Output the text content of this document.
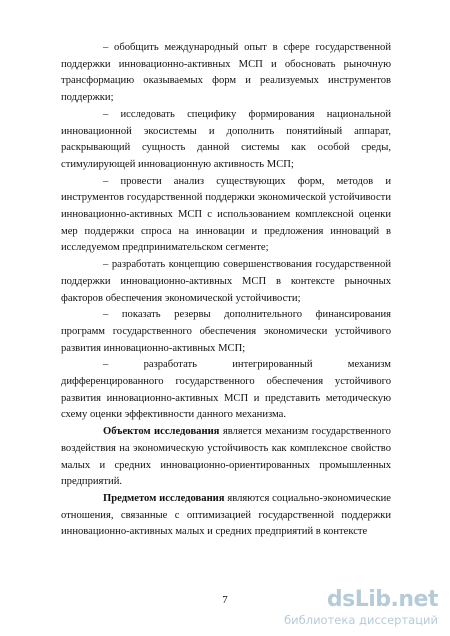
– обобщить международный опыт в сфере государственной поддержки инновационно-активных МСП и обосновать рыночную трансформацию оказываемых форм и реализуемых инструментов поддержки;

– исследовать специфику формирования национальной инновационной экосистемы и дополнить понятийный аппарат, раскрывающий сущность данной системы как особой среды, стимулирующей инновационную активность МСП;

– провести анализ существующих форм, методов и инструментов государственной поддержки экономической устойчивости инновационно-активных МСП с использованием комплексной оценки мер поддержки спроса на инновации и предложения инноваций в исследуемом предпринимательском сегменте;

– разработать концепцию совершенствования государственной поддержки инновационно-активных МСП в контексте рыночных факторов обеспечения экономической устойчивости;

– показать резервы дополнительного финансирования программ государственного обеспечения экономически устойчивого развития инновационно-активных МСП;

– разработать интегрированный механизм дифференцированного государственного обеспечения устойчивого развития инновационно-активных МСП и представить методическую схему оценки эффективности данного механизма.

Объектом исследования является механизм государственного воздействия на экономическую устойчивость как комплексное свойство малых и средних инновационно-ориентированных промышленных предприятий.

Предметом исследования являются социально-экономические отношения, связанные с оптимизацией государственной поддержки инновационно-активных малых и средних предприятий в контексте

7	dsLib.net
библиотека диссертаций
